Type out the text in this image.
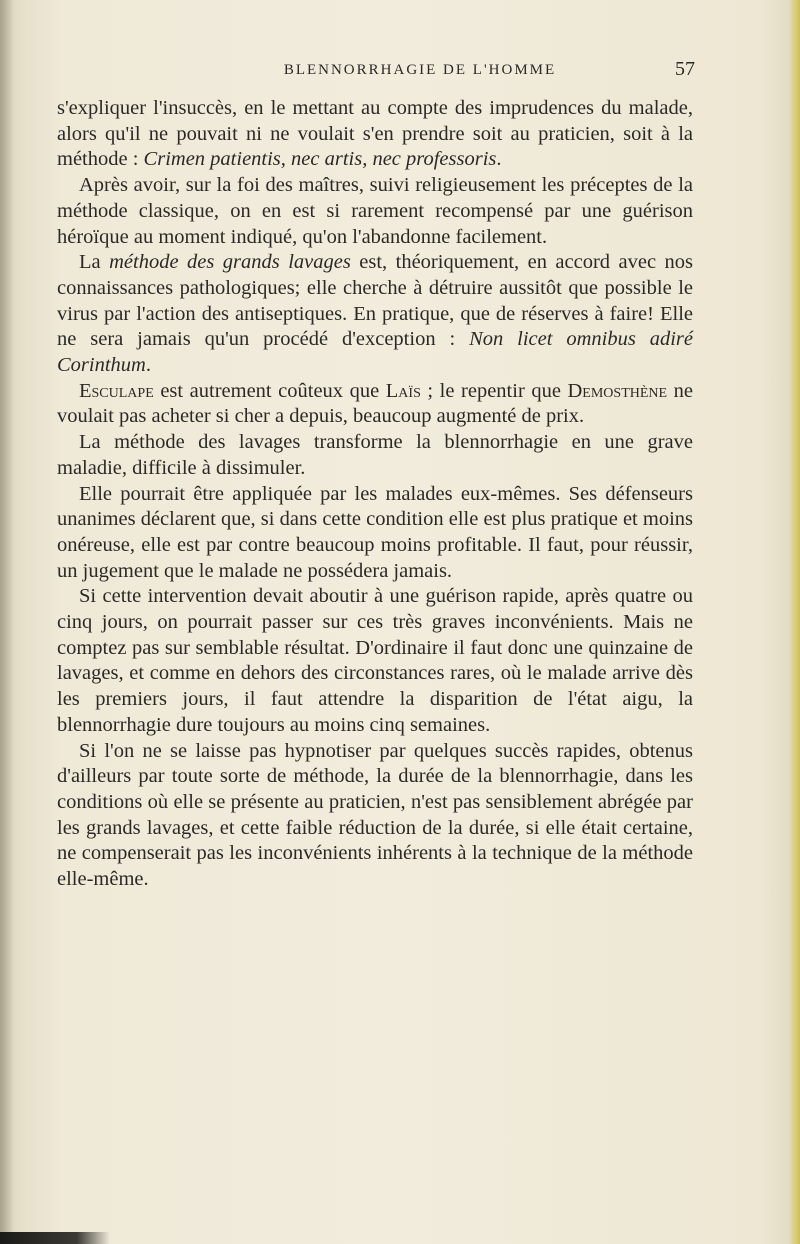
BLENNORRHAGIE DE L'HOMME	57

s'expliquer l'insuccès, en le mettant au compte des imprudences du malade, alors qu'il ne pouvait ni ne voulait s'en prendre soit au praticien, soit à la méthode : Crimen patientis, nec artis, nec professoris.

Après avoir, sur la foi des maîtres, suivi religieusement les préceptes de la méthode classique, on en est si rarement recompensé par une guérison héroïque au moment indiqué, qu'on l'abandonne facilement.

La méthode des grands lavages est, théoriquement, en accord avec nos connaissances pathologiques; elle cherche à détruire aussitôt que possible le virus par l'action des antiseptiques. En pratique, que de réserves à faire! Elle ne sera jamais qu'un procédé d'exception : Non licet omnibus adiré Corinthum.

Esculape est autrement coûteux que Laïs ; le repentir que Demosthène ne voulait pas acheter si cher a depuis, beaucoup augmenté de prix.

La méthode des lavages transforme la blennorrhagie en une grave maladie, difficile à dissimuler.

Elle pourrait être appliquée par les malades eux-mêmes. Ses défenseurs unanimes déclarent que, si dans cette condition elle est plus pratique et moins onéreuse, elle est par contre beaucoup moins profitable. Il faut, pour réussir, un jugement que le malade ne possédera jamais.

Si cette intervention devait aboutir à une guérison rapide, après quatre ou cinq jours, on pourrait passer sur ces très graves inconvénients. Mais ne comptez pas sur semblable résultat. D'ordinaire il faut donc une quinzaine de lavages, et comme en dehors des circonstances rares, où le malade arrive dès les premiers jours, il faut attendre la disparition de l'état aigu, la blennorrhagie dure toujours au moins cinq semaines.

Si l'on ne se laisse pas hypnotiser par quelques succès rapides, obtenus d'ailleurs par toute sorte de méthode, la durée de la blennorrhagie, dans les conditions où elle se présente au praticien, n'est pas sensiblement abrégée par les grands lavages, et cette faible réduction de la durée, si elle était certaine, ne compenserait pas les inconvénients inhérents à la technique de la méthode elle-même.
